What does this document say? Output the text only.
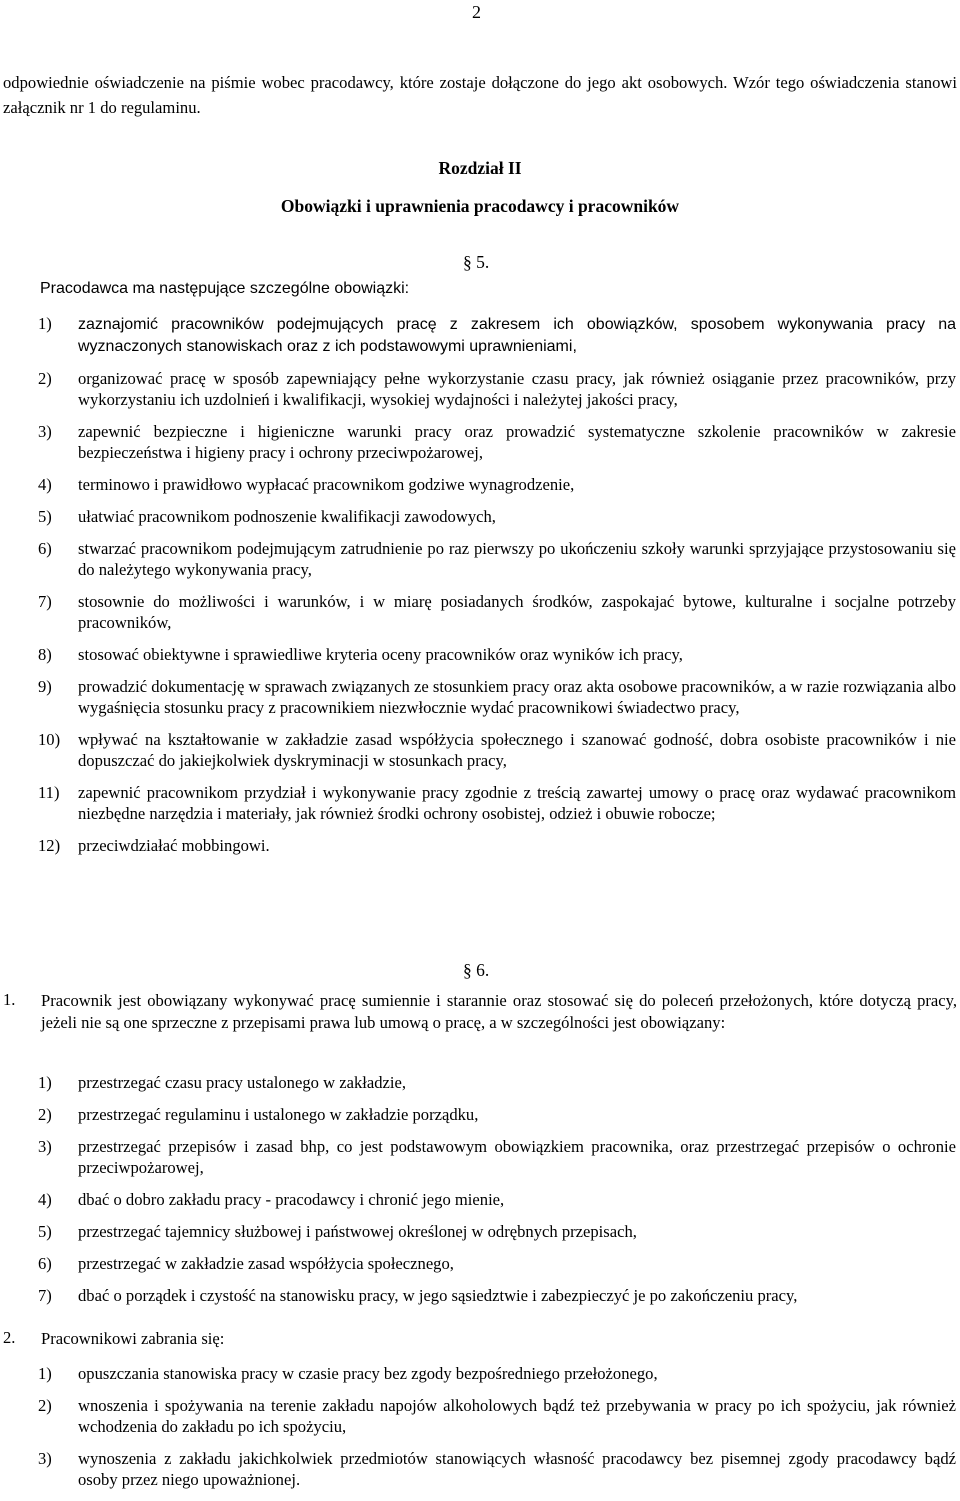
2
odpowiednie oświadczenie na piśmie wobec pracodawcy, które zostaje dołączone do jego akt osobowych. Wzór tego oświadczenia stanowi załącznik nr 1 do regulaminu.
Rozdział II
Obowiązki i uprawnienia pracodawcy i pracowników
§ 5.
Pracodawca ma następujące szczególne obowiązki:
1) zaznajomić pracowników podejmujących pracę z zakresem ich obowiązków, sposobem wykonywania pracy na wyznaczonych stanowiskach oraz z ich podstawowymi uprawnieniami,
2) organizować pracę w sposób zapewniający pełne wykorzystanie czasu pracy, jak również osiąganie przez pracowników, przy wykorzystaniu ich uzdolnień i kwalifikacji, wysokiej wydajności i należytej jakości pracy,
3) zapewnić bezpieczne i higieniczne warunki pracy oraz prowadzić systematyczne szkolenie pracowników w zakresie bezpieczeństwa i higieny pracy i ochrony przeciwpożarowej,
4) terminowo i prawidłowo wypłacać pracownikom godziwe wynagrodzenie,
5) ułatwiać pracownikom podnoszenie kwalifikacji zawodowych,
6) stwarzać pracownikom podejmującym zatrudnienie po raz pierwszy po ukończeniu szkoły warunki sprzyjające przystosowaniu się do należytego wykonywania pracy,
7) stosownie do możliwości i warunków, i w miarę posiadanych środków, zaspokajać bytowe, kulturalne i socjalne potrzeby pracowników,
8) stosować obiektywne i sprawiedliwe kryteria oceny pracowników oraz wyników ich pracy,
9) prowadzić dokumentację w sprawach związanych ze stosunkiem pracy oraz akta osobowe pracowników, a w razie rozwiązania albo wygaśnięcia stosunku pracy z pracownikiem niezwłocznie wydać pracownikowi świadectwo pracy,
10) wpływać na kształtowanie w zakładzie zasad współżycia społecznego i szanować godność, dobra osobiste pracowników i nie dopuszczać do jakiejkolwiek dyskryminacji w stosunkach pracy,
11) zapewnić pracownikom przydział i wykonywanie pracy zgodnie z treścią zawartej umowy o pracę oraz wydawać pracownikom niezbędne narzędzia i materiały, jak również środki ochrony osobistej, odzież i obuwie robocze;
12) przeciwdziałać mobbingowi.
§ 6.
1. Pracownik jest obowiązany wykonywać pracę sumiennie i starannie oraz stosować się do poleceń przełożonych, które dotyczą pracy, jeżeli nie są one sprzeczne z przepisami prawa lub umową o pracę, a w szczególności jest obowiązany:
1) przestrzegać czasu pracy ustalonego w zakładzie,
2) przestrzegać regulaminu i ustalonego w zakładzie porządku,
3) przestrzegać przepisów i zasad bhp, co jest podstawowym obowiązkiem pracownika, oraz przestrzegać przepisów o ochronie przeciwpożarowej,
4) dbać o dobro zakładu pracy - pracodawcy i chronić jego mienie,
5) przestrzegać tajemnicy służbowej i państwowej określonej w odrębnych przepisach,
6) przestrzegać w zakładzie zasad współżycia społecznego,
7) dbać o porządek i czystość na stanowisku pracy, w jego sąsiedztwie i zabezpieczyć je po zakończeniu pracy,
2. Pracownikowi zabrania się:
1) opuszczania stanowiska pracy w czasie pracy bez zgody bezpośredniego przełożonego,
2) wnoszenia i spożywania na terenie zakładu napojów alkoholowych bądź też przebywania w pracy po ich spożyciu, jak również wchodzenia do zakładu po ich spożyciu,
3) wynoszenia z zakładu jakichkolwiek przedmiotów stanowiących własność pracodawcy bez pisemnej zgody pracodawcy bądź osoby przez niego upoważnionej.
